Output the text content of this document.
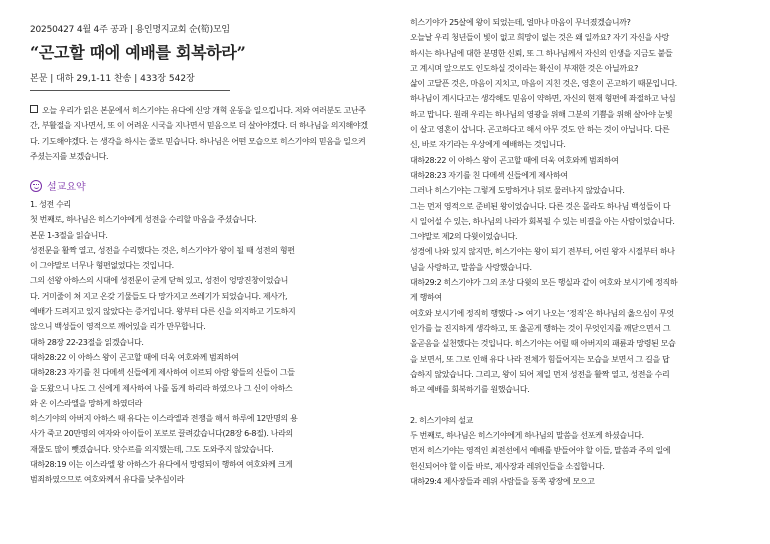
20250427 4월 4주 공과 | 용인명지교회 순(筍)모임
“곤고할 때에 예배를 회복하라”
본문 | 대하 29,1-11 찬송 | 433장 542장
오늘 우리가 읽은 본문에서 히스기야는 유다에 신앙 개혁 운동을 일으킵니다. 저와 여러분도 고난주간, 부활절을 지나면서, 또 이 어려운 시국을 지나면서 믿음으로 더 살아야겠다. 더 하나님을 의지해야겠다. 기도해야겠다. 는 생각을 하시는 줄로 믿습니다. 하나님은 어떤 모습으로 히스기야의 믿음을 일으켜 주셨는지를 보겠습니다.
설교요약
1. 성전 수리
첫 번째로, 하나님은 히스기야에게 성전을 수리할 마음을 주셨습니다.
본문 1-3절을 읽습니다.
성전문을 활짝 열고, 성전을 수리했다는 것은, 히스기야가 왕이 될 때 성전의 형편
이 그야말로 너무나 형편없었다는 것입니다.
그의 선왕 아하스의 시대에 성전문이 굳게 닫혀 있고, 성전이 엉망진창이었습니
다. 거미줄이 쳐 지고 온갖 기물들도 다 망가지고 쓰레기가 되었습니다. 제사가,
예배가 드려지고 있지 않았다는 증거입니다. 왕부터 다른 신을 의지하고 기도하지
않으니 백성들이 영적으로 깨어있을 리가 만무합니다.
대하 28장 22-23절을 읽겠습니다.
대하28:22 이 아하스 왕이 곤고할 때에 더욱 여호와께 범죄하여
대하28:23 자기를 친 다메섹 신들에게 제사하여 이르되 아람 왕들의 신들이 그들
을 도왔으니 나도 그 신에게 제사하여 나를 돕게 하리라 하였으나 그 신이 아하스
와 온 이스라엘을 망하게 하였더라
히스기야의 아버지 아하스 때 유다는 이스라엘과 전쟁을 해서 하루에 12만명의 용
사가 죽고 20만명의 여자와 아이들이 포로로 끌려갔습니다(28장 6-8절). 나라의
재물도 많이 뺏겼습니다. 앗수르를 의지했는데, 그도 도와주지 않았습니다.
대하28:19 이는 이스라엘 왕 아하스가 유다에서 망령되이 행하여 여호와께 크게
범죄하였으므로 여호와께서 유다를 낮추심이라
히스기야가 25살에 왕이 되었는데, 얼마나 마음이 무너졌겠습니까?
오늘날 우리 청년들이 빛이 없고 희망이 없는 것은 왜 일까요? 자기 자신을 사랑
하시는 하나님에 대한 분명한 신뢰, 또 그 하나님께서 자신의 인생을 지금도 붙들
고 계시며 앞으로도 인도하실 것이라는 확신이 부재한 것은 아닐까요?
삶이 고달픈 것은, 마음이 지치고, 마음이 지친 것은, 영혼이 곤고하기 때문입니다.
하나님이 계시다고는 생각해도 믿음이 약하면, 자신의 현재 형편에 좌절하고 낙심
하고 맙니다. 원래 우리는 하나님의 영광을 위해 그분의 기쁨을 위해 살아야 눈빛
이 살고 영혼이 삽니다. 곤고하다고 해서 아무 것도 안 하는 것이 아닙니다. 다른
신, 바로 자기라는 우상에게 예배하는 것입니다.
대하28:22 이 아하스 왕이 곤고할 때에 더욱 여호와께 범죄하여
대하28:23 자기를 친 다메섹 신들에게 제사하여
그러나 히스기야는 그렇게 도망하거나 뒤로 물러나지 않았습니다.
그는 먼저 영적으로 준비된 왕이었습니다. 다른 것은 몰라도 하나님 백성들이 다
시 일어설 수 있는, 하나님의 나라가 회복될 수 있는 비결을 아는 사람이었습니다.
그야말로 제2의 다윗이었습니다.
성경에 나와 있지 않지만, 히스기야는 왕이 되기 전부터, 어린 왕자 시절부터 하나
님을 사랑하고, 말씀을 사랑했습니다.
대하29:2 히스기야가 그의 조상 다윗의 모든 행실과 같이 여호와 보시기에 정직하
게 행하여
여호와 보시기에 정직히 행했다 -> 여기 나오는 ‘정직’은 하나님의 옳으심이 무엇
인가를 늘 진지하게 생각하고, 또 옳곧게 행하는 것이 무엇인지를 깨닫으면서 그
올곧음을 실천했다는 것입니다. 히스기야는 어릴 때 아버지의 패륜과 망령된 모습
을 보면서, 또 그로 인해 유다 나라 전체가 힘들어지는 모습을 보면서 그 길을 답
습하지 않았습니다. 그리고, 왕이 되어 제일 먼저 성전을 활짝 열고, 성전을 수리
하고 예배를 회복하기를 원했습니다.
2. 히스기야의 설교
두 번째로, 하나님은 히스기야에게 하나님의 말씀을 선포케 하셨습니다.
먼저 히스기야는 영적인 최전선에서 예배를 받들어야 할 이들, 말씀과 주의 일에
헌신되어야 할 이들 바로, 제사장과 레위인들을 소집합니다.
대하29:4 제사장들과 레위 사람들을 동쪽 광장에 모으고
